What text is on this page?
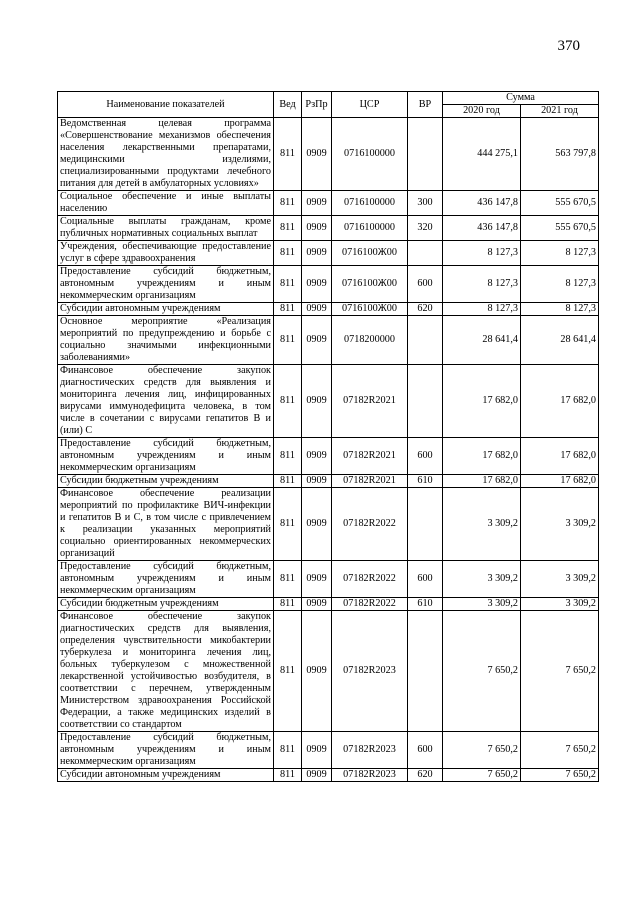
370
Наименование показателей	Вед	РзПр	ЦСР	ВР	Сумма	
					2020 год	2021 год
Ведомственная целевая программа «Совершенствование механизмов обеспечения населения лекарственными препаратами, медицинскими изделиями, специализированными продуктами лечебного питания для детей в амбулаторных условиях»	811	0909	0716100000		444 275,1	563 797,8
Социальное обеспечение и иные выплаты населению	811	0909	0716100000	300	436 147,8	555 670,5
Социальные выплаты гражданам, кроме публичных нормативных социальных выплат	811	0909	0716100000	320	436 147,8	555 670,5
Учреждения, обеспечивающие предоставление услуг в сфере здравоохранения	811	0909	0716100Ж00		8 127,3	8 127,3
Предоставление субсидий бюджетным, автономным учреждениям и иным некоммерческим организациям	811	0909	0716100Ж00	600	8 127,3	8 127,3
Субсидии автономным учреждениям	811	0909	0716100Ж00	620	8 127,3	8 127,3
Основное мероприятие «Реализация мероприятий по предупреждению и борьбе с социально значимыми инфекционными заболеваниями»	811	0909	0718200000		28 641,4	28 641,4
Финансовое обеспечение закупок диагностических средств для выявления и мониторинга лечения лиц, инфицированных вирусами иммунодефицита человека, в том числе в сочетании с вирусами гепатитов B и (или) C	811	0909	07182R2021		17 682,0	17 682,0
Предоставление субсидий бюджетным, автономным учреждениям и иным некоммерческим организациям	811	0909	07182R2021	600	17 682,0	17 682,0
Субсидии бюджетным учреждениям	811	0909	07182R2021	610	17 682,0	17 682,0
Финансовое обеспечение реализации мероприятий по профилактике ВИЧ-инфекции и гепатитов B и C, в том числе с привлечением к реализации указанных мероприятий социально ориентированных некоммерческих организаций	811	0909	07182R2022		3 309,2	3 309,2
Предоставление субсидий бюджетным, автономным учреждениям и иным некоммерческим организациям	811	0909	07182R2022	600	3 309,2	3 309,2
Субсидии бюджетным учреждениям	811	0909	07182R2022	610	3 309,2	3 309,2
Финансовое обеспечение закупок диагностических средств для выявления, определения чувствительности микобактерии туберкулеза и мониторинга лечения лиц, больных туберкулезом с множественной лекарственной устойчивостью возбудителя, в соответствии с перечнем, утвержденным Министерством здравоохранения Российской Федерации, а также медицинских изделий в соответствии со стандартом	811	0909	07182R2023		7 650,2	7 650,2
Предоставление субсидий бюджетным, автономным учреждениям и иным некоммерческим организациям	811	0909	07182R2023	600	7 650,2	7 650,2
Субсидии автономным учреждениям	811	0909	07182R2023	620	7 650,2	7 650,2
